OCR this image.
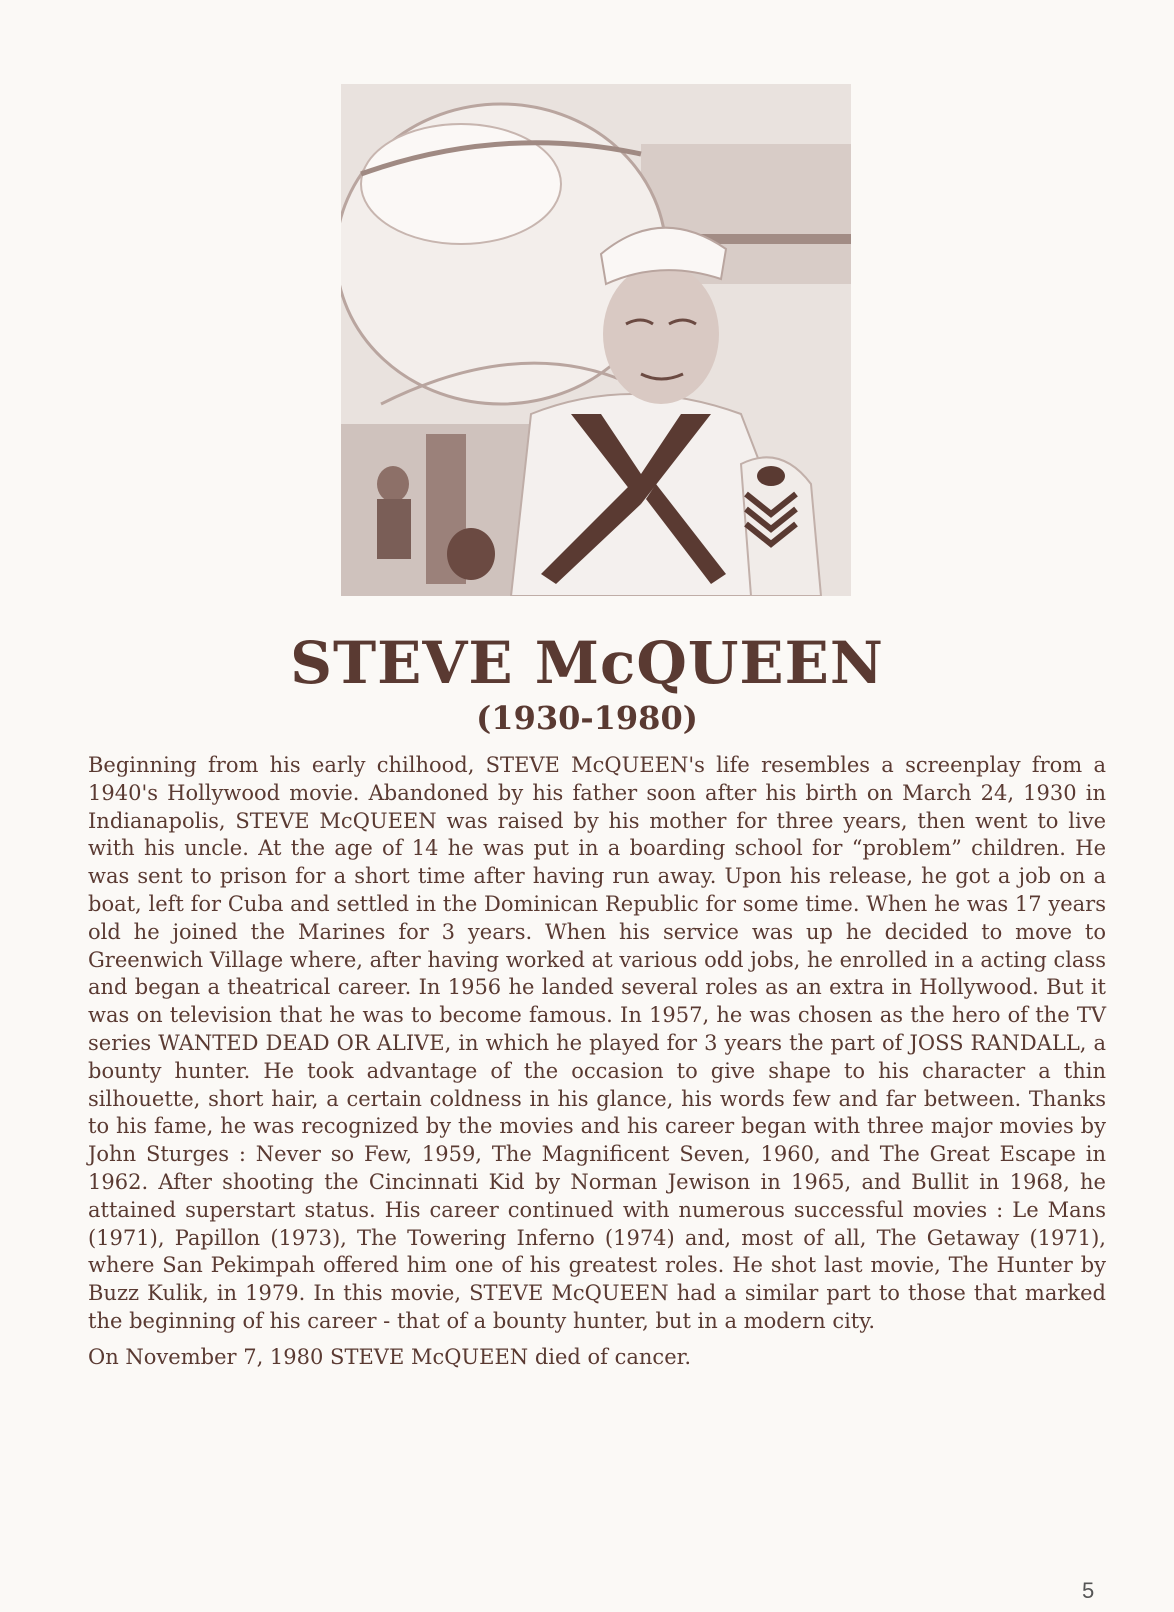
STEVE McQUEEN
(1930-1980)

Beginning from his early chilhood, STEVE McQUEEN's life resembles a screenplay from a 1940's Hollywood movie. Abandoned by his father soon after his birth on March 24, 1930 in Indianapolis, STEVE McQUEEN was raised by his mother for three years, then went to live with his uncle. At the age of 14 he was put in a boarding school for “problem” children. He was sent to prison for a short time after having run away. Upon his release, he got a job on a boat, left for Cuba and settled in the Dominican Republic for some time. When he was 17 years old he joined the Marines for 3 years. When his service was up he decided to move to Greenwich Village where, after having worked at various odd jobs, he enrolled in a acting class and began a theatrical career. In 1956 he landed several roles as an extra in Hollywood. But it was on television that he was to become famous. In 1957, he was chosen as the hero of the TV series WANTED DEAD OR ALIVE, in which he played for 3 years the part of JOSS RANDALL, a bounty hunter. He took advantage of the occasion to give shape to his character a thin silhouette, short hair, a certain coldness in his glance, his words few and far between. Thanks to his fame, he was recognized by the movies and his career began with three major movies by John Sturges : Never so Few, 1959, The Magnificent Seven, 1960, and The Great Escape in 1962. After shooting the Cincinnati Kid by Norman Jewison in 1965, and Bullit in 1968, he attained superstart status. His career continued with numerous successful movies : Le Mans (1971), Papillon (1973), The Towering Inferno (1974) and, most of all, The Getaway (1971), where San Pekimpah offered him one of his greatest roles. He shot last movie, The Hunter by Buzz Kulik, in 1979. In this movie, STEVE McQUEEN had a similar part to those that marked the beginning of his career - that of a bounty hunter, but in a modern city.

On November 7, 1980 STEVE McQUEEN died of cancer.

5
